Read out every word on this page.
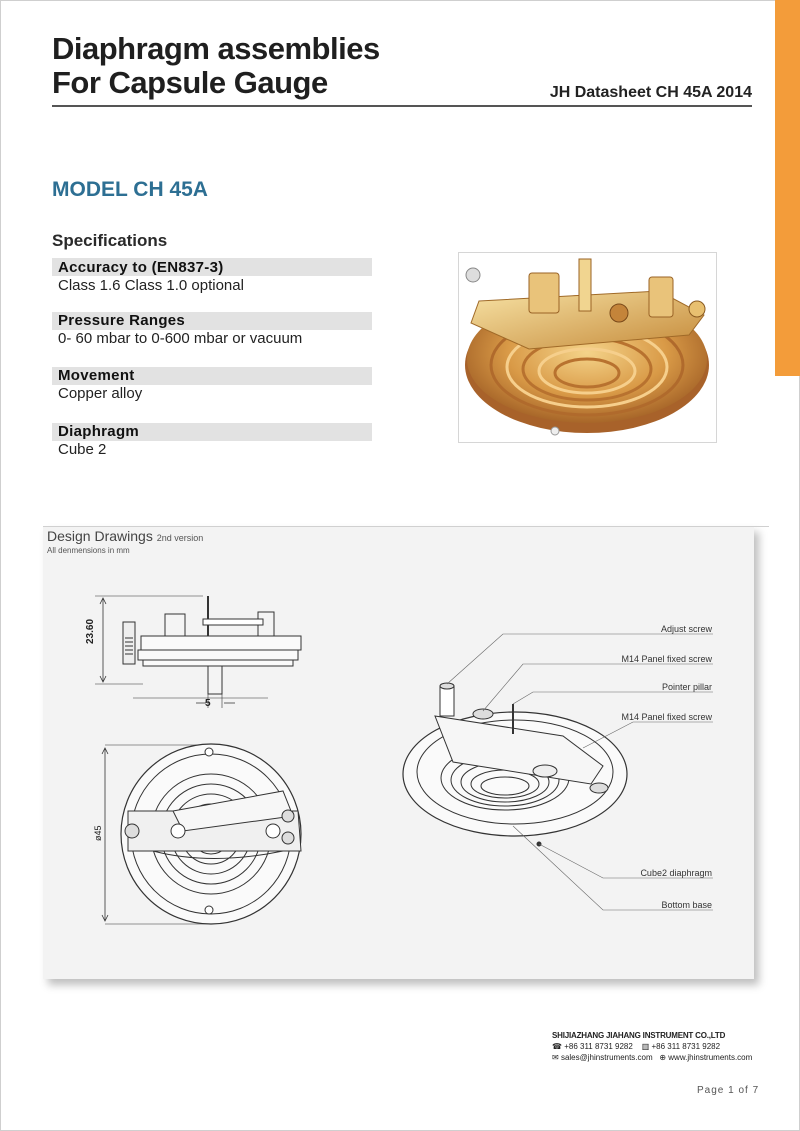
Diaphragm assemblies
For Capsule Gauge	JH Datasheet CH 45A 2014
MODEL CH 45A
Specifications
Accuracy to (EN837-3)
Class 1.6 Class 1.0 optional
Pressure Ranges
0- 60 mbar to 0-600 mbar or vacuum
Movement
Copper alloy
Diaphragm
Cube 2
Design Drawings 2nd version
All denmensions in mm
23.60
5
ø45
Adjust screw
M14 Panel fixed screw
Pointer pillar
M14 Panel fixed screw
Cube2 diaphragm
Bottom base
SHIJIAZHANG JIAHANG INSTRUMENT CO.,LTD
☎ +86 311 8731 9282 ▥ +86 311 8731 9282
✉ sales@jhinstruments.com ⊕ www.jhinstruments.com
Page 1 of 7
